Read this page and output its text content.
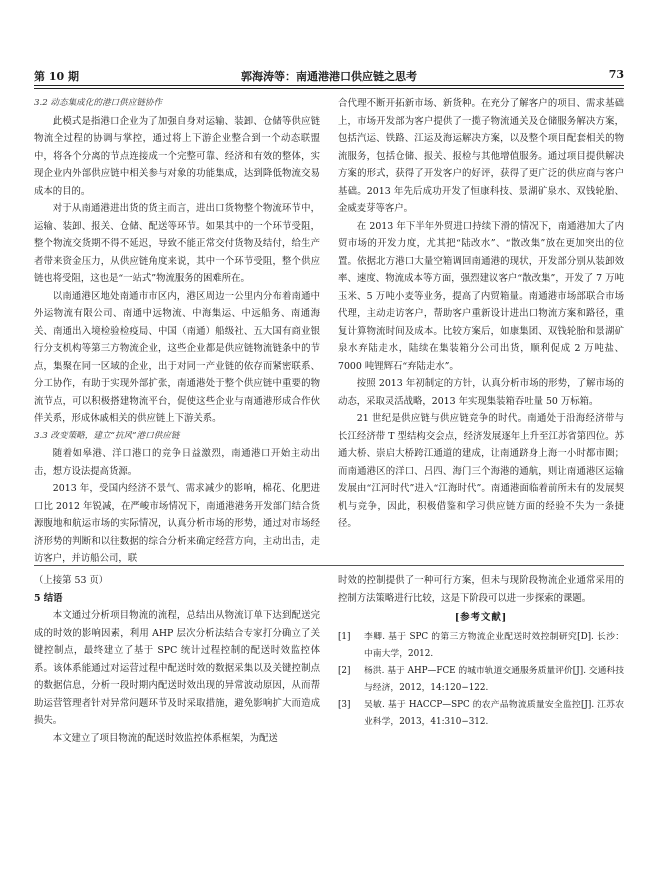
第 10 期	郭海涛等：南通港港口供应链之思考	73

3.2 动态集成化的港口供应链协作

此模式是指港口企业为了加强自身对运输、装卸、仓储等供应链物流全过程的协调与掌控，通过将上下游企业整合到一个动态联盟中，将各个分离的节点连接成一个完整可靠、经济和有效的整体，实现企业内外部供应链中相关参与对象的功能集成，达到降低物流交易成本的目的。

对于从南通港进出货的货主而言，进出口货物整个物流环节中，运输、装卸、报关、仓储、配送等环节。如果其中的一个环节受阻，整个物流交货期不得不延迟，导致不能正常交付货物及结付，给生产者带来资金压力，从供应链角度来说，其中一个环节受阻，整个供应链也将受阻，这也是“一站式”物流服务的困难所在。

以南通港区地处南通市市区内，港区周边一公里内分布着南通中外运物流有限公司、南通中远物流、中海集运、中远船务、南通海关、南通出入境检验检疫局、中国（南通）船级社、五大国有商业银行分支机构等第三方物流企业，这些企业都是供应链物流链条中的节点，集聚在同一区域的企业，出于对同一产业链的依存而紧密联系、分工协作，有助于实现外部扩张，南通港处于整个供应链中重要的物流节点，可以积极搭建物流平台，促使这些企业与南通港形成合作伙伴关系，形成休戚相关的供应链上下游关系。

3.3 改变策略，建立“抗风”港口供应链

随着如皋港、洋口港口的竞争日益激烈，南通港口开始主动出击，想方设法提高货源。

2013 年，受国内经济不景气、需求减少的影响，棉花、化肥进口比 2012 年锐减，在严峻市场情况下，南通港港务开发部门结合货源腹地和航运市场的实际情况，认真分析市场的形势，通过对市场经济形势的判断和以往数据的综合分析来确定经营方向，主动出击，走访客户，并访船公司，联

合代理不断开拓新市场、新货种。在充分了解客户的项目、需求基础上，市场开发部为客户提供了一揽子物流通关及仓储服务解决方案，包括汽运、铁路、江运及海运解决方案，以及整个项目配套相关的物流服务，包括仓储、报关、报检与其他增值服务。通过项目提供解决方案的形式，获得了开发客户的好评，获得了更广泛的供应商与客户基础。2013 年先后成功开发了恒康科技、景湖矿泉水、双钱轮胎、金威麦芽等客户。

在 2013 年下半年外贸进口持续下滑的情况下，南通港加大了内贸市场的开发力度，尤其把“陆改水”、“散改集”放在更加突出的位置。依据北方港口大量空箱调回南通港的现状，开发部分别从装卸效率、速度、物流成本等方面，强烈建议客户“散改集”，开发了 7 万吨玉米、5 万吨小麦等业务，提高了内贸箱量。南通港市场部联合市场代理，主动走访客户，帮助客户重新设计进出口物流方案和路径，重复计算物流时间及成本。比较方案后，如康集团、双钱轮胎和景湖矿泉水弃陆走水，陆续在集装箱分公司出货，顺利促成 2 万吨盐、7000 吨锂辉石“弃陆走水”。

按照 2013 年初制定的方针，认真分析市场的形势，了解市场的动态，采取灵活战略，2013 年实现集装箱吞吐量 50 万标箱。

21 世纪是供应链与供应链竞争的时代。南通处于沿海经济带与长江经济带 T 型结构交会点，经济发展逐年上升至江苏省第四位。苏通大桥、崇启大桥跨江通道的建成，让南通跻身上海一小时都市圈；而南通港区的洋口、吕四、海门三个海港的通航，则让南通港区运输发展由“江河时代”进入“江海时代”。南通港面临着前所未有的发展契机与竞争，因此，积极借鉴和学习供应链方面的经验不失为一条捷径。

（上接第 53 页）

5 结语

本文通过分析项目物流的流程，总结出从物流订单下达到配送完成的时效的影响因素，利用 AHP 层次分析法结合专家打分确立了关键控制点，最终建立了基于 SPC 统计过程控制的配送时效监控体系。该体系能通过对运营过程中配送时效的数据采集以及关键控制点的数据信息，分析一段时期内配送时效出现的异常波动原因，从而帮助运营管理者针对异常问题环节及时采取措施，避免影响扩大而造成损失。

本文建立了项目物流的配送时效监控体系框架，为配送

时效的控制提供了一种可行方案，但未与现阶段物流企业通常采用的控制方法策略进行比较，这是下阶段可以进一步探索的课题。

[参考文献]

[1]	李卿. 基于 SPC 的第三方物流企业配送时效控制研究[D]. 长沙：中南大学，2012.
[2]	杨洪. 基于 AHP—FCE 的城市轨道交通服务质量评价[J]. 交通科技与经济，2012，14:120−122.
[3]	吴敏. 基于 HACCP—SPC 的农产品物流质量安全监控[J]. 江苏农业科学，2013，41:310−312.
